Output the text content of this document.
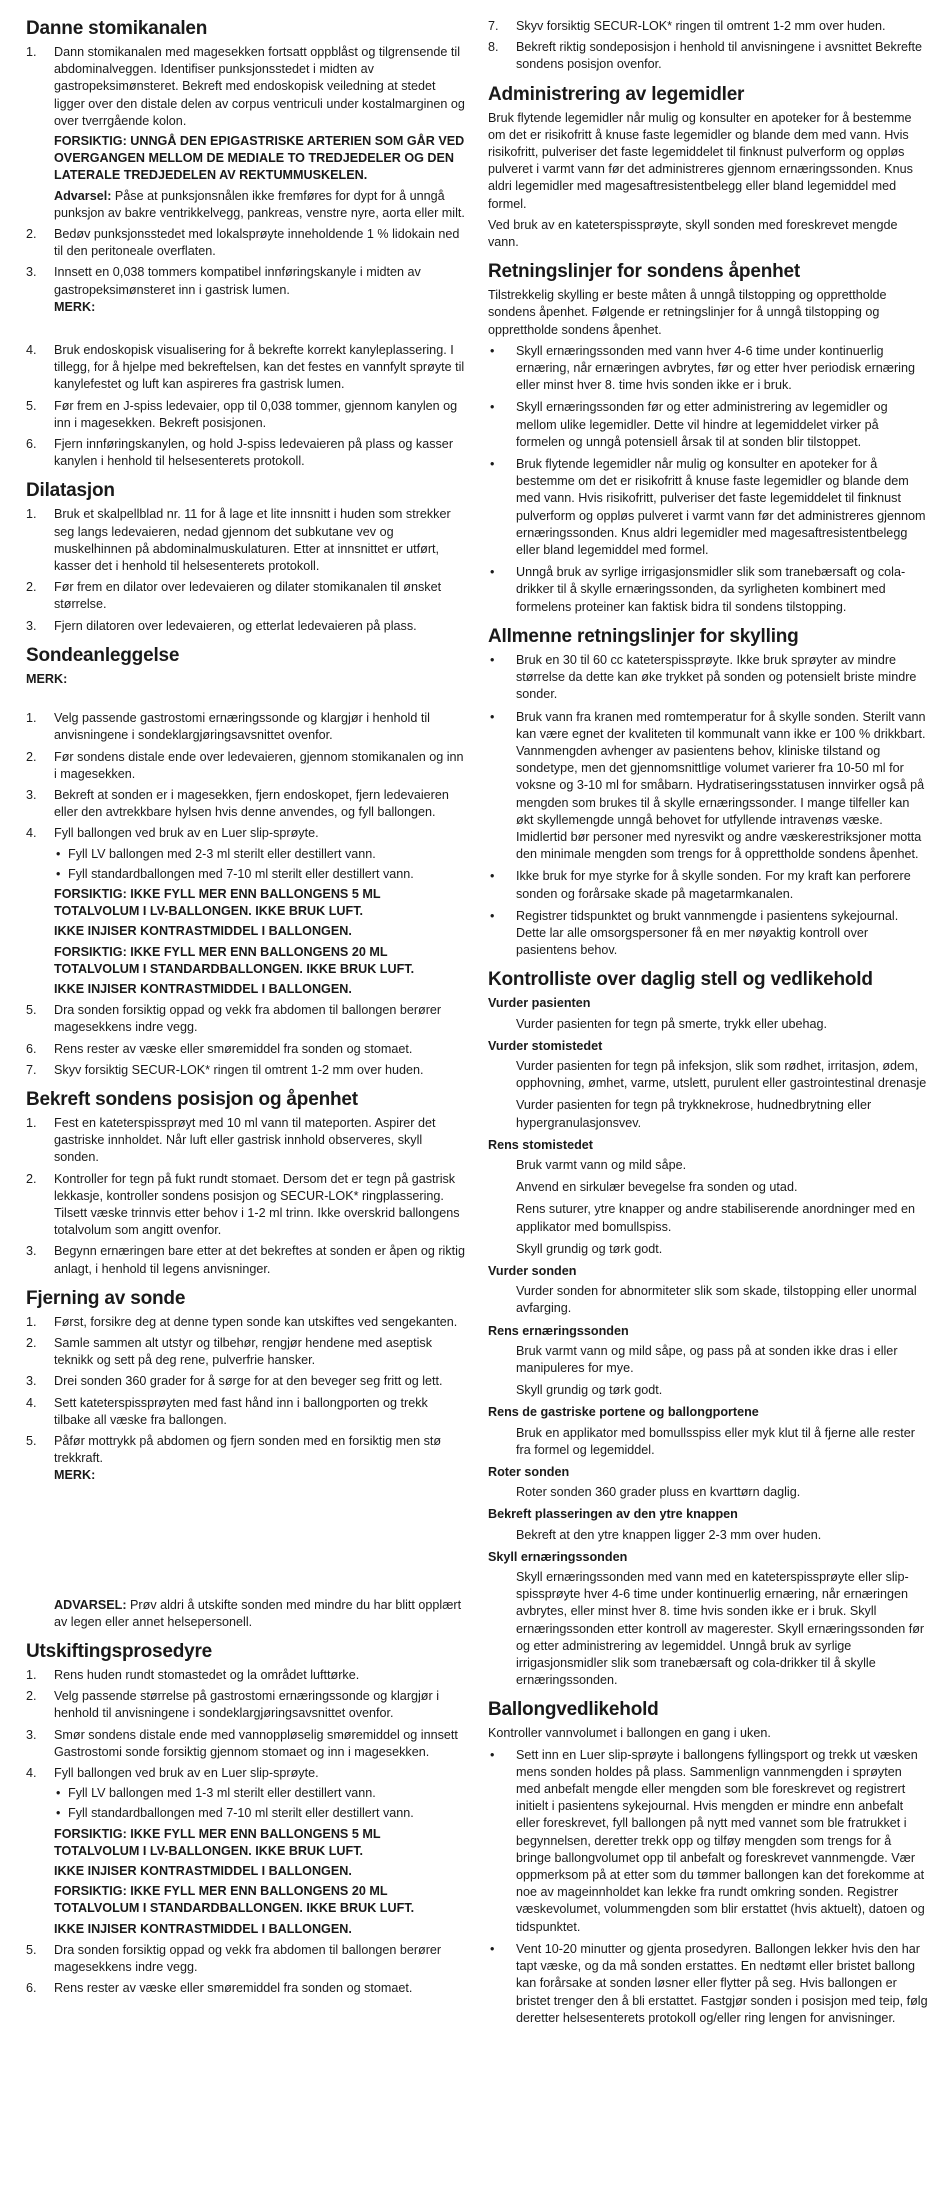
Danne stomikanalen
1. Dann stomikanalen med magesekken fortsatt oppblåst og tilgrensende til abdominalveggen. Identifiser punksjonsstedet i midten av gastropeksimønsteret. Bekreft med endoskopisk veiledning at stedet ligger over den distale delen av corpus ventriculi under kostalmarginen og over tverrgående kolon.
FORSIKTIG: UNNGÅ DEN EPIGASTRISKE ARTERIEN SOM GÅR VED OVERGANGEN MELLOM DE MEDIALE TO TREDJEDELER OG DEN LATERALE TREDJEDELEN AV REKTUMMUSKELEN.
Advarsel: Påse at punksjonsnålen ikke fremføres for dypt for å unngå punksjon av bakre ventrikkelvegg, pankreas, venstre nyre, aorta eller milt.
2. Bedøv punksjonsstedet med lokalsprøyte inneholdende 1 % lidokain ned til den peritoneale overflaten.
3. Innsett en 0,038 tommers kompatibel innføringskanyle i midten av gastropeksimønsteret inn i gastrisk lumen.
MERK:
4. Bruk endoskopisk visualisering for å bekrefte korrekt kanyleplassering. I tillegg, for å hjelpe med bekreftelsen, kan det festes en vannfylt sprøyte til kanylefestet og luft kan aspireres fra gastrisk lumen.
5. Før frem en J-spiss ledevaier, opp til 0,038 tommer, gjennom kanylen og inn i magesekken. Bekreft posisjonen.
6. Fjern innføringskanylen, og hold J-spiss ledevaieren på plass og kasser kanylen i henhold til helsesenterets protokoll.
Dilatasjon
1. Bruk et skalpellblad nr. 11 for å lage et lite innsnitt i huden som strekker seg langs ledevaieren, nedad gjennom det subkutane vev og muskelhinnen på abdominalmuskulaturen. Etter at innsnittet er utført, kasser det i henhold til helsesenterets protokoll.
2. Før frem en dilator over ledevaieren og dilater stomikanalen til ønsket størrelse.
3. Fjern dilatoren over ledevaieren, og etterlat ledevaieren på plass.
Sondeanleggelse
MERK:
1. Velg passende gastrostomi ernæringssonde og klargjør i henhold til anvisningene i sondeklargjøringsavsnittet ovenfor.
2. Før sondens distale ende over ledevaieren, gjennom stomikanalen og inn i magesekken.
3. Bekreft at sonden er i magesekken, fjern endoskopet, fjern ledevaieren eller den avtrekkbare hylsen hvis denne anvendes, og fyll ballongen.
4. Fyll ballongen ved bruk av en Luer slip-sprøyte.
• Fyll LV ballongen med 2-3 ml sterilt eller destillert vann.
• Fyll standardballongen med 7-10 ml sterilt eller destillert vann.
FORSIKTIG: IKKE FYLL MER ENN BALLONGENS 5 ML TOTALVOLUM I LV-BALLONGEN. IKKE BRUK LUFT.
IKKE INJISER KONTRASTMIDDEL I BALLONGEN.
FORSIKTIG: IKKE FYLL MER ENN BALLONGENS 20 ML TOTALVOLUM I STANDARDBALLONGEN. IKKE BRUK LUFT.
IKKE INJISER KONTRASTMIDDEL I BALLONGEN.
5. Dra sonden forsiktig oppad og vekk fra abdomen til ballongen berører magesekkens indre vegg.
6. Rens rester av væske eller smøremiddel fra sonden og stomaet.
7. Skyv forsiktig SECUR-LOK* ringen til omtrent 1-2 mm over huden.
Bekreft sondens posisjon og åpenhet
1. Fest en kateterspissprøyt med 10 ml vann til mateporten. Aspirer det gastriske innholdet. Når luft eller gastrisk innhold observeres, skyll sonden.
2. Kontroller for tegn på fukt rundt stomaet. Dersom det er tegn på gastrisk lekkasje, kontroller sondens posisjon og SECUR-LOK* ringplassering. Tilsett væske trinnvis etter behov i 1-2 ml trinn. Ikke overskrid ballongens totalvolum som angitt ovenfor.
3. Begynn ernæringen bare etter at det bekreftes at sonden er åpen og riktig anlagt, i henhold til legens anvisninger.
Fjerning av sonde
1. Først, forsikre deg at denne typen sonde kan utskiftes ved sengekanten.
2. Samle sammen alt utstyr og tilbehør, rengjør hendene med aseptisk teknikk og sett på deg rene, pulverfrie hansker.
3. Drei sonden 360 grader for å sørge for at den beveger seg fritt og lett.
4. Sett kateterspissprøyten med fast hånd inn i ballongporten og trekk tilbake all væske fra ballongen.
5. Påfør mottrykk på abdomen og fjern sonden med en forsiktig men stø trekkraft.
MERK:
ADVARSEL: Prøv aldri å utskifte sonden med mindre du har blitt opplært av legen eller annet helsepersonell.
Utskiftingsprosedyre
1. Rens huden rundt stomastedet og la området lufttørke.
2. Velg passende størrelse på gastrostomi ernæringssonde og klargjør i henhold til anvisningene i sondeklargjøringsavsnittet ovenfor.
3. Smør sondens distale ende med vannoppløselig smøremiddel og innsett Gastrostomi sonde forsiktig gjennom stomaet og inn i magesekken.
4. Fyll ballongen ved bruk av en Luer slip-sprøyte.
• Fyll LV ballongen med 1-3 ml sterilt eller destillert vann.
• Fyll standardballongen med 7-10 ml sterilt eller destillert vann.
FORSIKTIG: IKKE FYLL MER ENN BALLONGENS 5 ML TOTALVOLUM I LV-BALLONGEN. IKKE BRUK LUFT.
IKKE INJISER KONTRASTMIDDEL I BALLONGEN.
FORSIKTIG: IKKE FYLL MER ENN BALLONGENS 20 ML TOTALVOLUM I STANDARDBALLONGEN. IKKE BRUK LUFT.
IKKE INJISER KONTRASTMIDDEL I BALLONGEN.
5. Dra sonden forsiktig oppad og vekk fra abdomen til ballongen berører magesekkens indre vegg.
6. Rens rester av væske eller smøremiddel fra sonden og stomaet.
7. Skyv forsiktig SECUR-LOK* ringen til omtrent 1-2 mm over huden.
8. Bekreft riktig sondeposisjon i henhold til anvisningene i avsnittet Bekrefte sondens posisjon ovenfor.
Administrering av legemidler

Bruk flytende legemidler når mulig og konsulter en apoteker for å bestemme om det er risikofritt å knuse faste legemidler og blande dem med vann. Hvis risikofritt, pulveriser det faste legemiddelet til finknust pulverform og oppløs pulveret i varmt vann før det administreres gjennom ernæringssonden. Knus aldri legemidler med magesaftresistentbelegg eller bland legemiddel med formel.

Ved bruk av en kateterspissprøyte, skyll sonden med foreskrevet mengde vann.

Retningslinjer for sondens åpenhet

Tilstrekkelig skylling er beste måten å unngå tilstopping og opprettholde sondens åpenhet. Følgende er retningslinjer for å unngå tilstopping og opprettholde sondens åpenhet.

• Skyll ernæringssonden med vann hver 4-6 time under kontinuerlig ernæring, når ernæringen avbrytes, før og etter hver periodisk ernæring eller minst hver 8. time hvis sonden ikke er i bruk.
• Skyll ernæringssonden før og etter administrering av legemidler og mellom ulike legemidler. Dette vil hindre at legemiddelet virker på formelen og unngå potensiell årsak til at sonden blir tilstoppet.
• Bruk flytende legemidler når mulig og konsulter en apoteker for å bestemme om det er risikofritt å knuse faste legemidler og blande dem med vann. Hvis risikofritt, pulveriser det faste legemiddelet til finknust pulverform og oppløs pulveret i varmt vann før det administreres gjennom ernæringssonden. Knus aldri legemidler med magesaftresistentbelegg eller bland legemiddel med formel.
• Unngå bruk av syrlige irrigasjonsmidler slik som tranebærsaft og cola-drikker til å skylle ernæringssonden, da syrligheten kombinert med formelens proteiner kan faktisk bidra til sondens tilstopping.
Allmenne retningslinjer for skylling
• Bruk en 30 til 60 cc kateterspissprøyte. Ikke bruk sprøyter av mindre størrelse da dette kan øke trykket på sonden og potensielt briste mindre sonder.
• Bruk vann fra kranen med romtemperatur for å skylle sonden. Sterilt vann kan være egnet der kvaliteten til kommunalt vann ikke er 100 % drikkbart. Vannmengden avhenger av pasientens behov, kliniske tilstand og sondetype, men det gjennomsnittlige volumet varierer fra 10-50 ml for voksne og 3-10 ml for småbarn. Hydratiseringsstatusen innvirker også på mengden som brukes til å skylle ernæringssonder. I mange tilfeller kan økt skyllemengde unngå behovet for utfyllende intravenøs væske. Imidlertid bør personer med nyresvikt og andre væskerestriksjoner motta den minimale mengden som trengs for å opprettholde sondens åpenhet.
• Ikke bruk for mye styrke for å skylle sonden. For my kraft kan perforere sonden og forårsake skade på magetarmkanalen.
• Registrer tidspunktet og brukt vannmengde i pasientens sykejournal. Dette lar alle omsorgspersoner få en mer nøyaktig kontroll over pasientens behov.
Kontrolliste over daglig stell og vedlikehold
Vurder pasienten
Vurder pasienten for tegn på smerte, trykk eller ubehag.
Vurder stomistedet
Vurder pasienten for tegn på infeksjon, slik som rødhet, irritasjon, ødem, opphovning, ømhet, varme, utslett, purulent eller gastrointestinal drenasje
Vurder pasienten for tegn på trykknekrose, hudnedbrytning eller hypergranulasjonsvev.
Rens stomistedet
Bruk varmt vann og mild såpe.
Anvend en sirkulær bevegelse fra sonden og utad.
Rens suturer, ytre knapper og andre stabiliserende anordninger med en applikator med bomullspiss.
Skyll grundig og tørk godt.
Vurder sonden
Vurder sonden for abnormiteter slik som skade, tilstopping eller unormal avfarging.
Rens ernæringssonden
Bruk varmt vann og mild såpe, og pass på at sonden ikke dras i eller manipuleres for mye.
Skyll grundig og tørk godt.
Rens de gastriske portene og ballongportene
Bruk en applikator med bomullsspiss eller myk klut til å fjerne alle rester fra formel og legemiddel.
Roter sonden
Roter sonden 360 grader pluss en kvarttørn daglig.
Bekreft plasseringen av den ytre knappen
Bekreft at den ytre knappen ligger 2-3 mm over huden.
Skyll ernæringssonden
Skyll ernæringssonden med vann med en kateterspissprøyte eller slip-spissprøyte hver 4-6 time under kontinuerlig ernæring, når ernæringen avbrytes, eller minst hver 8. time hvis sonden ikke er i bruk. Skyll ernæringssonden etter kontroll av magerester. Skyll ernæringssonden før og etter administrering av legemiddel. Unngå bruk av syrlige irrigasjonsmidler slik som tranebærsaft og cola-drikker til å skylle ernæringssonden.
Ballongvedlikehold

Kontroller vannvolumet i ballongen en gang i uken.

• Sett inn en Luer slip-sprøyte i ballongens fyllingsport og trekk ut væsken mens sonden holdes på plass. Sammenlign vannmengden i sprøyten med anbefalt mengde eller mengden som ble foreskrevet og registrert initielt i pasientens sykejournal. Hvis mengden er mindre enn anbefalt eller foreskrevet, fyll ballongen på nytt med vannet som ble fratrukket i begynnelsen, deretter trekk opp og tilføy mengden som trengs for å bringe ballongvolumet opp til anbefalt og foreskrevet vannmengde. Vær oppmerksom på at etter som du tømmer ballongen kan det forekomme at noe av mageinnholdet kan lekke fra rundt omkring sonden. Registrer væskevolumet, volummengden som blir erstattet (hvis aktuelt), datoen og tidspunktet.
• Vent 10-20 minutter og gjenta prosedyren. Ballongen lekker hvis den har tapt væske, og da må sonden erstattes. En nedtømt eller bristet ballong kan forårsake at sonden løsner eller flytter på seg. Hvis ballongen er bristet trenger den å bli erstattet. Fastgjør sonden i posisjon med teip, følg deretter helsesenterets protokoll og/eller ring lengen for anvisninger.
